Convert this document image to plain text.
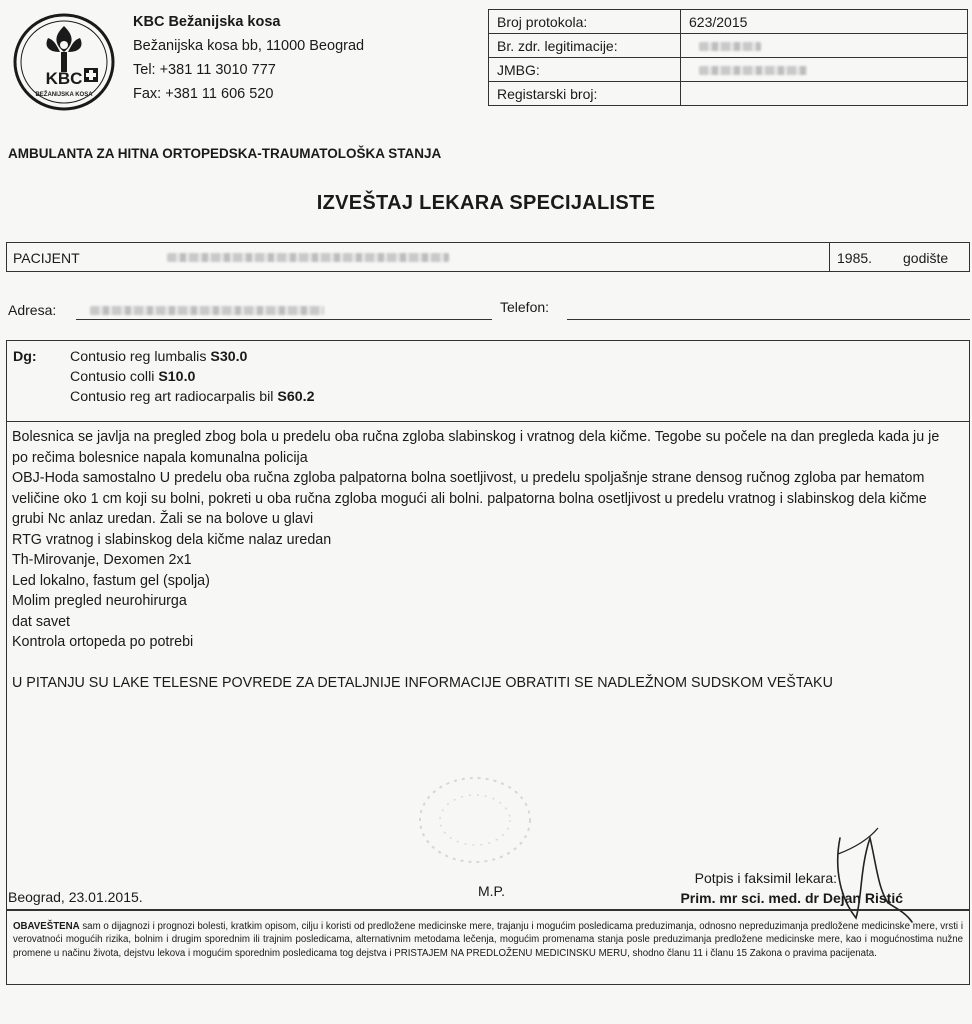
KBC
BEŽANIJSKA KOSA
KBC Bežanijska kosa
Bežanijska kosa bb, 11000 Beograd
Tel: +381 11 3010 777
Fax: +381 11 606 520
Broj protokola:	623/2015
Br. zdr. legitimacije:	
JMBG:	
Registarski broj:	
AMBULANTA ZA HITNA ORTOPEDSKA-TRAUMATOLOŠKA STANJA
IZVEŠTAJ LEKARA SPECIJALISTE
PACIJENT	1985. godište
Adresa:	Telefon:
Dg: Contusio reg lumbalis S30.0
Contusio colli S10.0
Contusio reg art radiocarpalis bil S60.2

Bolesnica se javlja na pregled zbog bola u predelu oba ručna zgloba slabinskog i vratnog dela kičme. Tegobe su počele na dan pregleda kada ju je po rečima bolesnice napala komunalna policija

OBJ-Hoda samostalno U predelu oba ručna zgloba palpatorna bolna soetljivost, u predelu spoljašnje strane densog ručnog zgloba par hematom veličine oko 1 cm koji su bolni, pokreti u oba ručna zgloba mogući ali bolni. palpatorna bolna osetljivost u predelu vratnog i slabinskog dela kičme grubi Nc anlaz uredan. Žali se na bolove u glavi

RTG vratnog i slabinskog dela kičme nalaz uredan

Th-Mirovanje, Dexomen 2x1

Led lokalno, fastum gel (spolja)

Molim pregled neurohirurga

dat savet

Kontrola ortopeda po potrebi

U PITANJU SU LAKE TELESNE POVREDE ZA DETALJNIJE INFORMACIJE OBRATITI SE NADLEŽNOM SUDSKOM VEŠTAKU

Beograd, 23.01.2015.	M.P.
Potpis i faksimil lekara:
Prim. mr sci. med. dr Dejan Ristić
OBAVEŠTENA sam o dijagnozi i prognozi bolesti, kratkim opisom, cilju i koristi od predložene medicinske mere, trajanju i mogućim posledicama preduzimanja, odnosno nepreduzimanja predložene medicinske mere, vrsti i verovatnoći mogućih rizika, bolnim i drugim sporednim ili trajnim posledicama, alternativnim metodama lečenja, mogućim promenama stanja posle preduzimanja predložene medicinske mere, kao i mogućnostima nužne promene u načinu života, dejstvu lekova i mogućim sporednim posledicama tog dejstva i PRISTAJEM NA PREDLOŽENU MEDICINSKU MERU, shodno članu 11 i članu 15 Zakona o pravima pacijenata.
